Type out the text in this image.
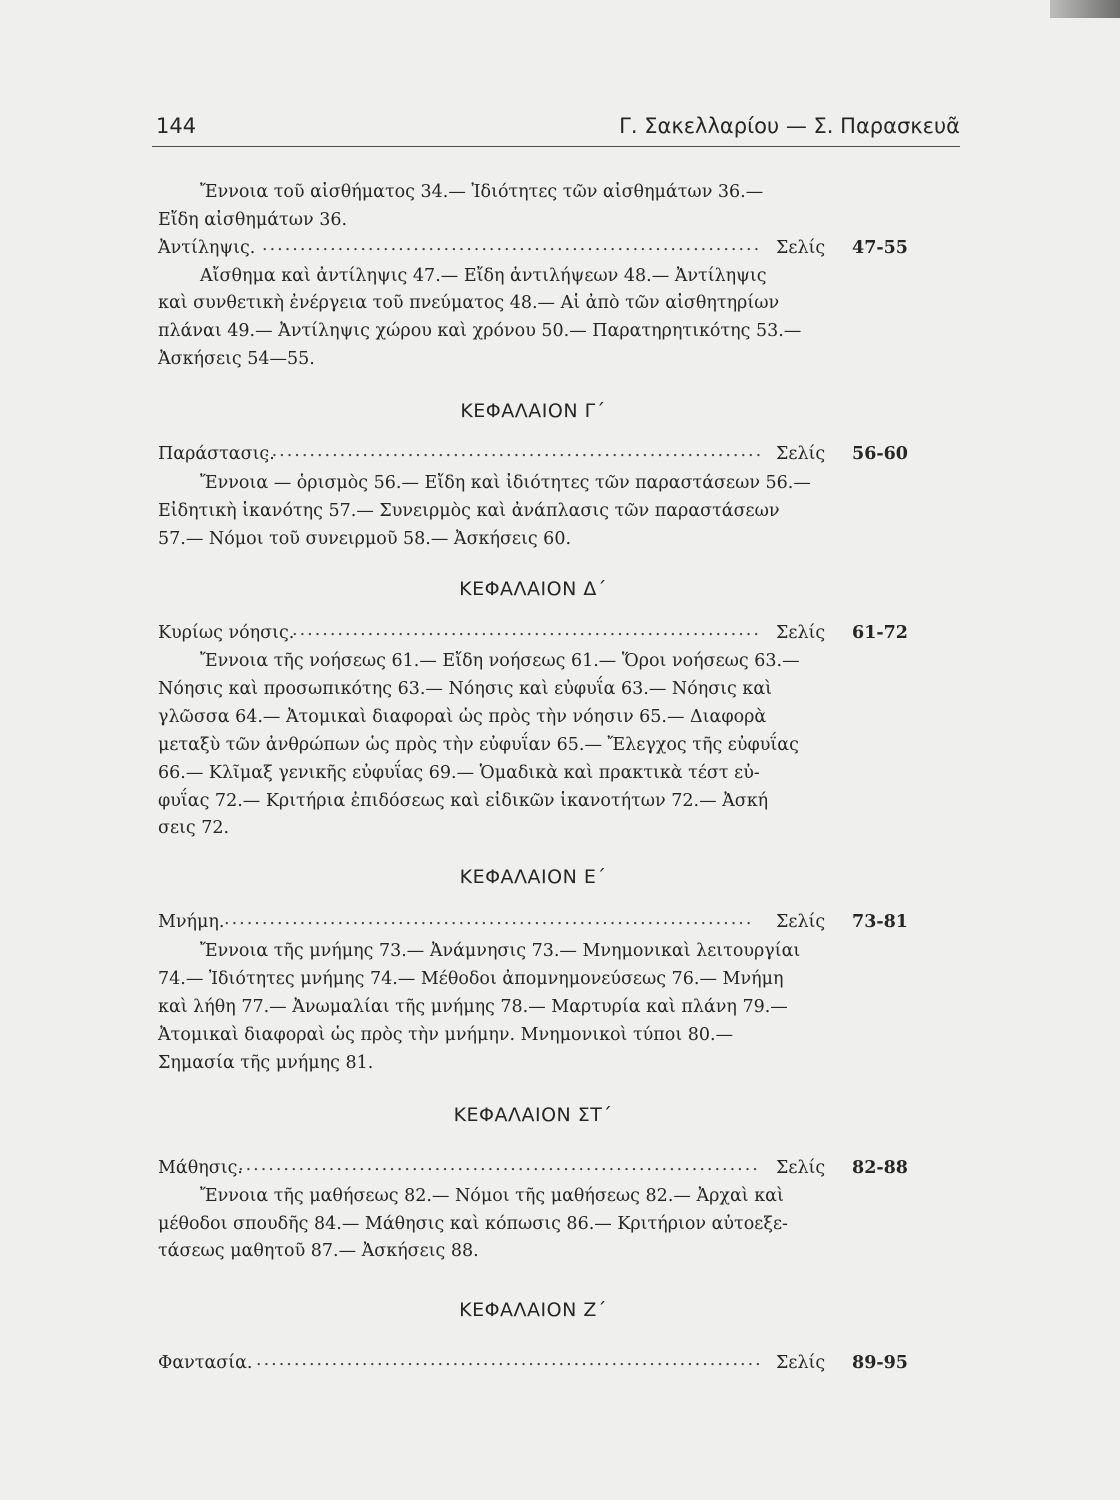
144	Γ. Σακελλαρίου — Σ. Παρασκευᾶ
Ἔννοια τοῦ αἰσθήματος 34.— Ἰδιότητες τῶν αἰσθημάτων 36.—
Εἴδη αἰσθημάτων 36.
Ἀντίληψις. .................................................................. Σελίς 47-55
Αἴσθημα καὶ ἀντίληψις 47.— Εἴδη ἀντιλήψεων 48.— Ἀντίληψις
καὶ συνθετικὴ ἐνέργεια τοῦ πνεύματος 48.— Αἱ ἀπὸ τῶν αἰσθητηρίων
πλάναι 49.— Ἀντίληψις χώρου καὶ χρόνου 50.— Παρατηρητικότης 53.—
Ἀσκήσεις 54—55.
ΚΕΦΑΛΑΙΟΝ Γ΄
Παράστασις.
.................................................................. Σελίς 56-60
Ἔννοια — ὁρισμὸς 56.— Εἴδη καὶ ἰδιότητες τῶν παραστάσεων 56.—
Εἰδητικὴ ἱκανότης 57.— Συνειρμὸς καὶ ἀνάπλασις τῶν παραστάσεων
57.— Νόμοι τοῦ συνειρμοῦ 58.— Ἀσκήσεις 60.
ΚΕΦΑΛΑΙΟΝ Δ΄
Κυρίως νόησις.
.............................................................. Σελίς 61-72
Ἔννοια τῆς νοήσεως 61.— Εἴδη νοήσεως 61.— Ὅροι νοήσεως 63.—
Νόησις καὶ προσωπικότης 63.— Νόησις καὶ εὐφυΐα 63.— Νόησις καὶ
γλῶσσα 64.— Ἀτομικαὶ διαφοραὶ ὡς πρὸς τὴν νόησιν 65.— Διαφορὰ
μεταξὺ τῶν ἀνθρώπων ὡς πρὸς τὴν εὐφυΐαν 65.— Ἔλεγχος τῆς εὐφυΐας
66.— Κλῖμαξ γενικῆς εὐφυΐας 69.— Ὁμαδικὰ καὶ πρακτικὰ τέστ εὐ-
φυΐας 72.— Κριτήρια ἐπιδόσεως καὶ εἰδικῶν ἱκανοτήτων 72.— Ἀσκή
σεις 72.
ΚΕΦΑΛΑΙΟΝ Ε΄
Μνήμη. ......................................................................	Σελίς 73-81
Ἔννοια τῆς μνήμης 73.— Ἀνάμνησις 73.— Μνημονικαὶ λειτουργίαι
74.— Ἰδιότητες μνήμης 74.— Μέθοδοι ἀπομνημονεύσεως 76.— Μνήμη
καὶ λήθη 77.— Ἀνωμαλίαι τῆς μνήμης 78.— Μαρτυρία καὶ πλάνη 79.—
Ἀτομικαὶ διαφοραὶ ὡς πρὸς τὴν μνήμην. Μνημονικοὶ τύποι 80.—
Σημασία τῆς μνήμης 81.
ΚΕΦΑΛΑΙΟΝ ΣΤ΄
Μάθησις.
..................................................................... Σελίς 82-88
Ἔννοια τῆς μαθήσεως 82.— Νόμοι τῆς μαθήσεως 82.— Ἀρχαὶ καὶ
μέθοδοι σπουδῆς 84.— Μάθησις καὶ κόπωσις 86.— Κριτήριον αὐτοεξε-
τάσεως μαθητοῦ 87.— Ἀσκήσεις 88.
ΚΕΦΑΛΑΙΟΝ Ζ΄
Φαντασία. ................................................................... Σελίς 89-95
